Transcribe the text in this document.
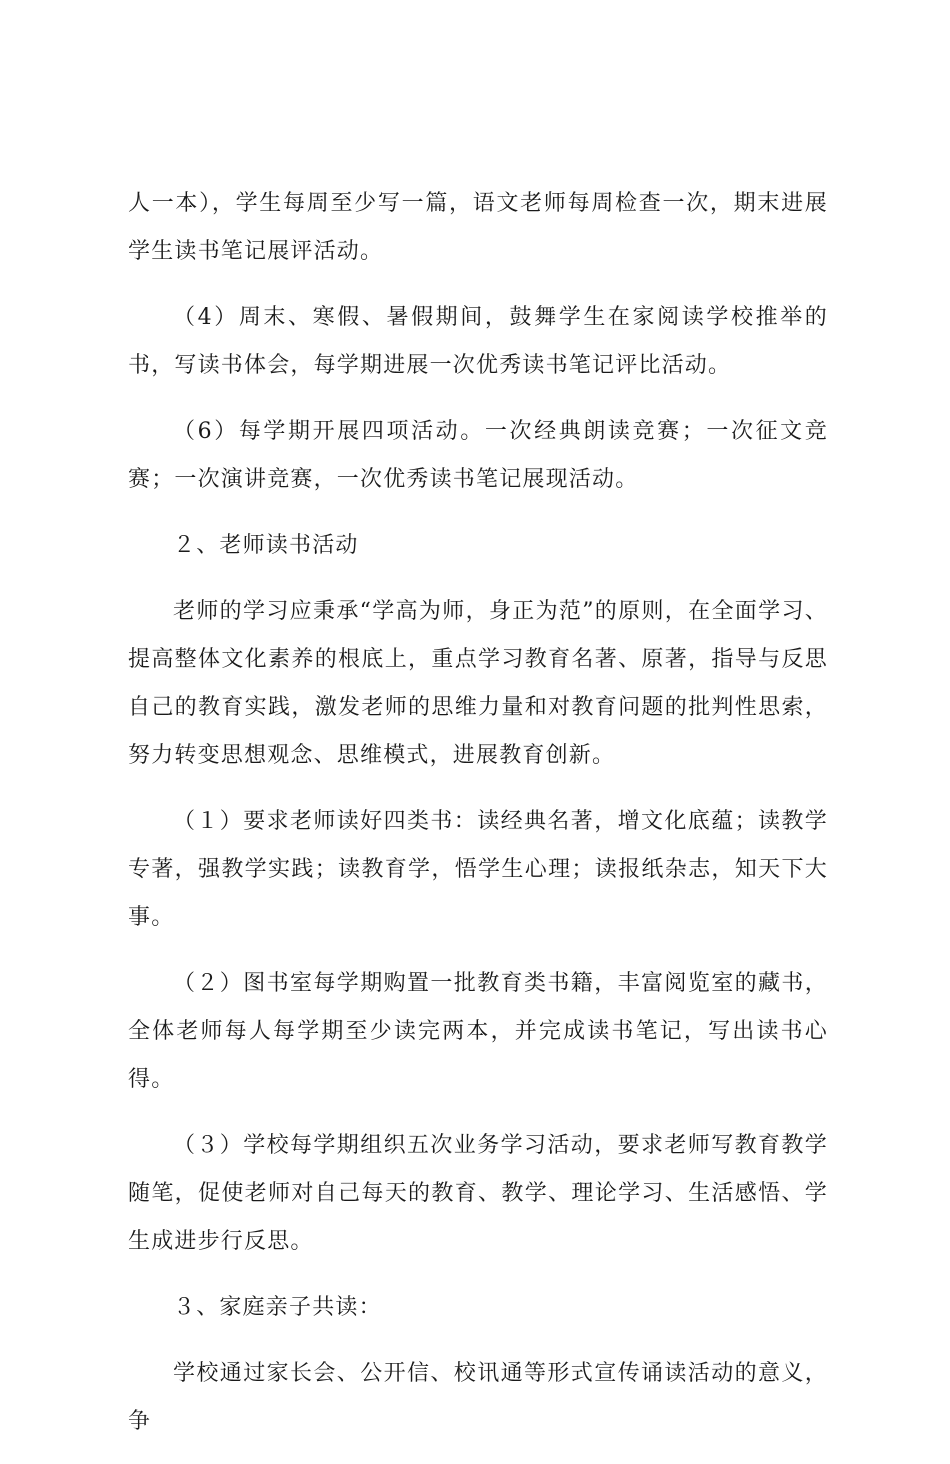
人一本），学生每周至少写一篇，语文老师每周检查一次，期末进展学生读书笔记展评活动。

（4）周末、寒假、暑假期间，鼓舞学生在家阅读学校推举的书，写读书体会，每学期进展一次优秀读书笔记评比活动。

（6）每学期开展四项活动。一次经典朗读竞赛；一次征文竞赛；一次演讲竞赛，一次优秀读书笔记展现活动。

２、老师读书活动

老师的学习应秉承“学高为师，身正为范”的原则，在全面学习、提高整体文化素养的根底上，重点学习教育名著、原著，指导与反思自己的教育实践，激发老师的思维力量和对教育问题的批判性思索，努力转变思想观念、思维模式，进展教育创新。

（１）要求老师读好四类书：读经典名著，增文化底蕴；读教学专著，强教学实践；读教育学，悟学生心理；读报纸杂志，知天下大事。

（２）图书室每学期购置一批教育类书籍，丰富阅览室的藏书，全体老师每人每学期至少读完两本，并完成读书笔记，写出读书心得。

（３）学校每学期组织五次业务学习活动，要求老师写教育教学随笔，促使老师对自己每天的教育、教学、理论学习、生活感悟、学生成进步行反思。

３、家庭亲子共读：

学校通过家长会、公开信、校讯通等形式宣传诵读活动的意义，争
